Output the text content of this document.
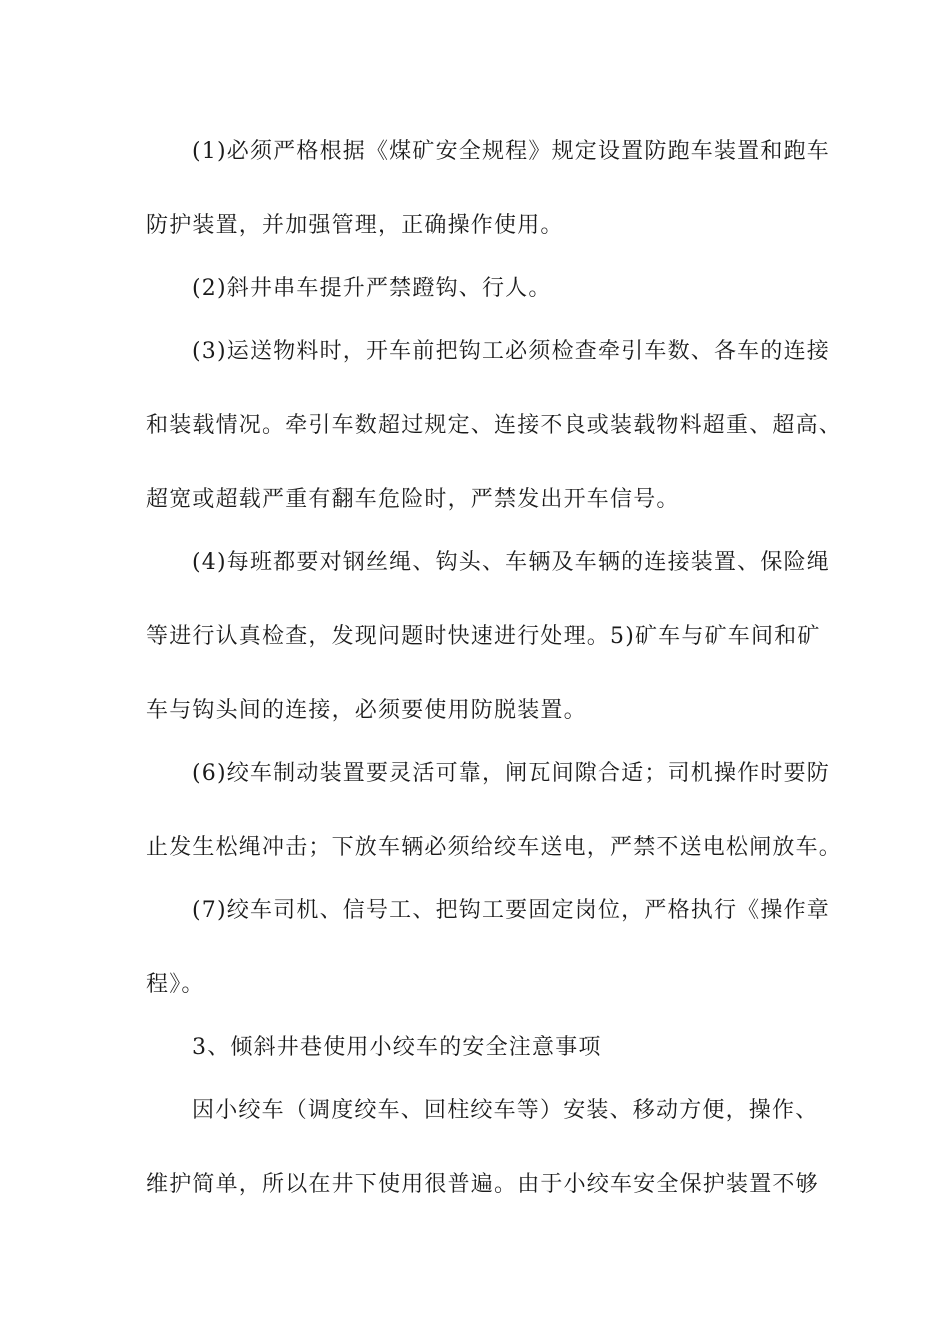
(1)必须严格根据《煤矿安全规程》规定设置防跑车装置和跑车
防护装置，并加强管理，正确操作使用。
(2)斜井串车提升严禁蹬钩、行人。
(3)运送物料时，开车前把钩工必须检查牵引车数、各车的连接
和装载情况。牵引车数超过规定、连接不良或装载物料超重、超高、
超宽或超载严重有翻车危险时，严禁发出开车信号。
(4)每班都要对钢丝绳、钩头、车辆及车辆的连接装置、保险绳
等进行认真检查，发现问题时快速进行处理。5)矿车与矿车间和矿
车与钩头间的连接，必须要使用防脱装置。
(6)绞车制动装置要灵活可靠，闸瓦间隙合适；司机操作时要防
止发生松绳冲击；下放车辆必须给绞车送电，严禁不送电松闸放车。
(7)绞车司机、信号工、把钩工要固定岗位，严格执行《操作章
程》。
3、倾斜井巷使用小绞车的安全注意事项
因小绞车（调度绞车、回柱绞车等）安装、移动方便，操作、
维护简单，所以在井下使用很普遍。由于小绞车安全保护装置不够
